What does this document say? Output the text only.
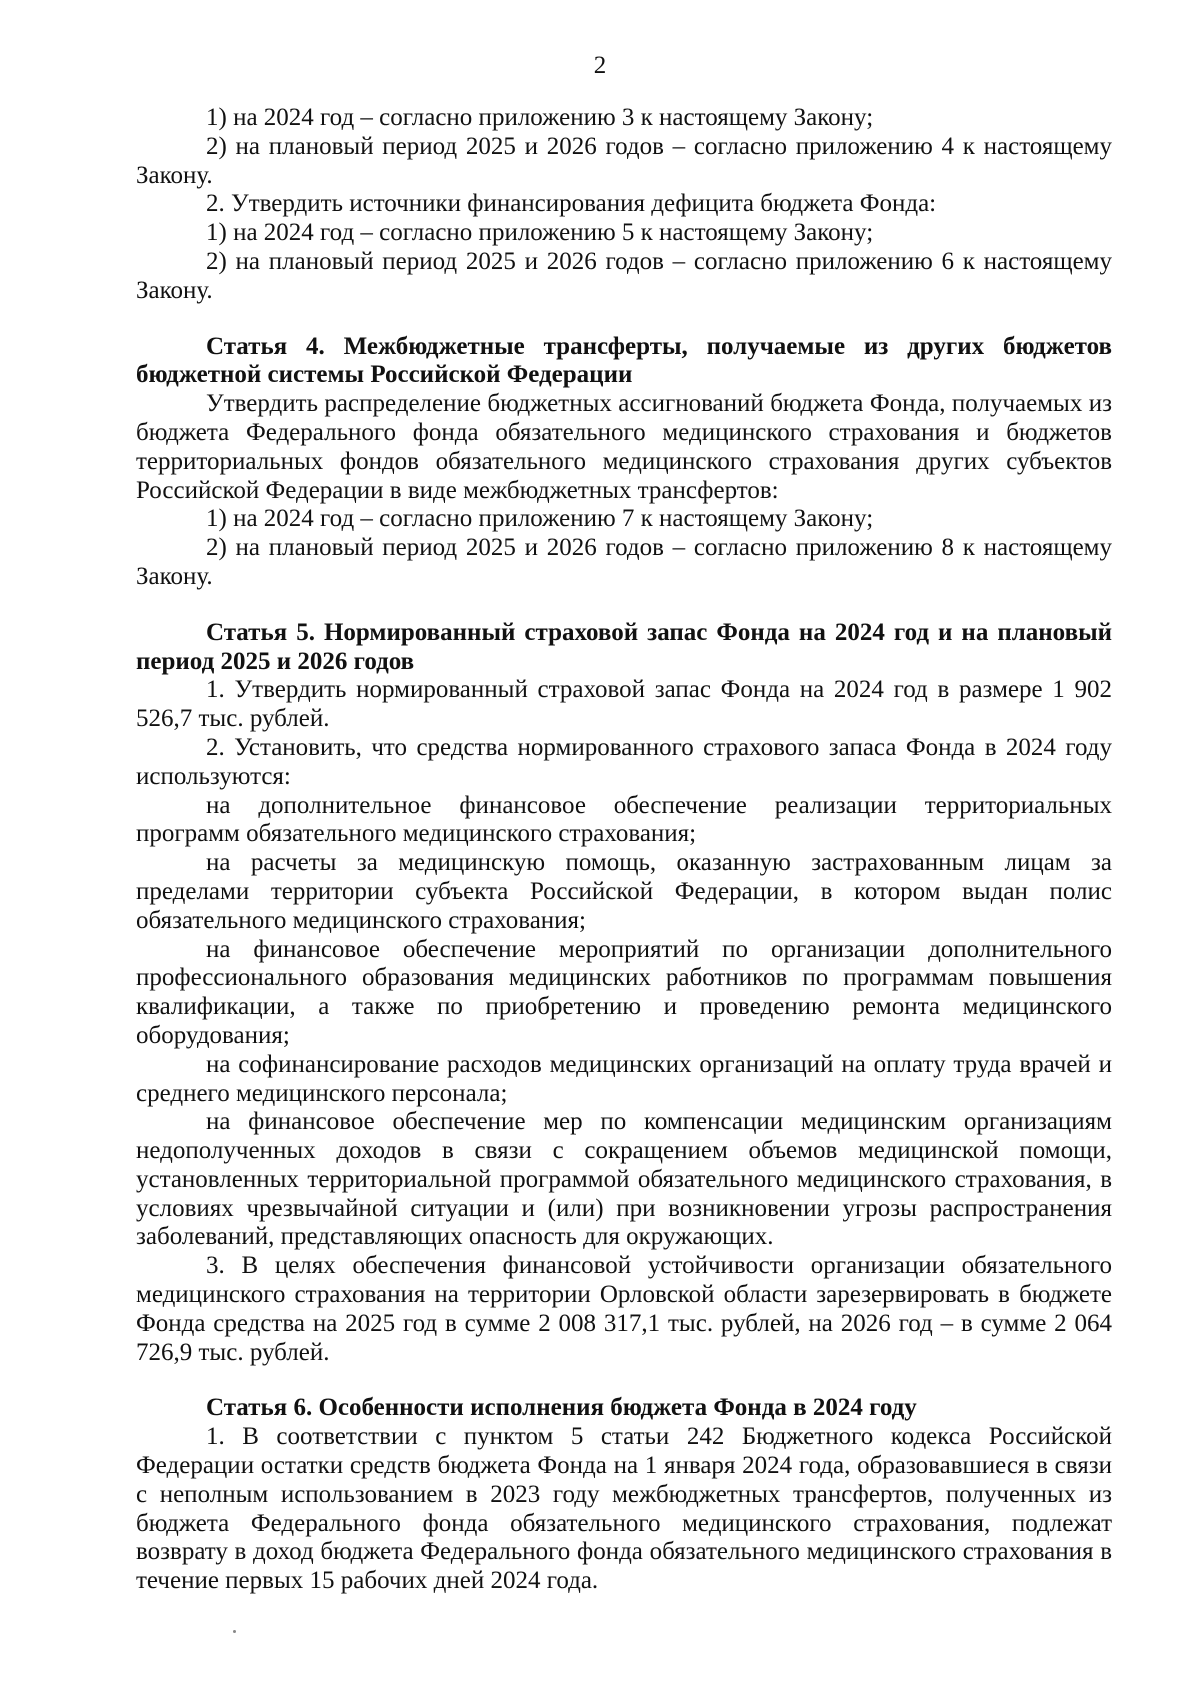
2

1) на 2024 год – согласно приложению 3 к настоящему Закону;

2) на плановый период 2025 и 2026 годов – согласно приложению 4 к настоящему Закону.

2. Утвердить источники финансирования дефицита бюджета Фонда:

1) на 2024 год – согласно приложению 5 к настоящему Закону;

2) на плановый период 2025 и 2026 годов – согласно приложению 6 к настоящему Закону.

Статья 4. Межбюджетные трансферты, получаемые из других бюджетов бюджетной системы Российской Федерации

Утвердить распределение бюджетных ассигнований бюджета Фонда, получаемых из бюджета Федерального фонда обязательного медицинского страхования и бюджетов территориальных фондов обязательного медицинского страхования других субъектов Российской Федерации в виде межбюджетных трансфертов:

1) на 2024 год – согласно приложению 7 к настоящему Закону;

2) на плановый период 2025 и 2026 годов – согласно приложению 8 к настоящему Закону.

Статья 5. Нормированный страховой запас Фонда на 2024 год и на плановый период 2025 и 2026 годов

1. Утвердить нормированный страховой запас Фонда на 2024 год в размере 1 902 526,7 тыс. рублей.

2. Установить, что средства нормированного страхового запаса Фонда в 2024 году используются:

на дополнительное финансовое обеспечение реализации территориальных программ обязательного медицинского страхования;

на расчеты за медицинскую помощь, оказанную застрахованным лицам за пределами территории субъекта Российской Федерации, в котором выдан полис обязательного медицинского страхования;

на финансовое обеспечение мероприятий по организации дополнительного профессионального образования медицинских работников по программам повышения квалификации, а также по приобретению и проведению ремонта медицинского оборудования;

на софинансирование расходов медицинских организаций на оплату труда врачей и среднего медицинского персонала;

на финансовое обеспечение мер по компенсации медицинским организациям недополученных доходов в связи с сокращением объемов медицинской помощи, установленных территориальной программой обязательного медицинского страхования, в условиях чрезвычайной ситуации и (или) при возникновении угрозы распространения заболеваний, представляющих опасность для окружающих.

3. В целях обеспечения финансовой устойчивости организации обязательного медицинского страхования на территории Орловской области зарезервировать в бюджете Фонда средства на 2025 год в сумме 2 008 317,1 тыс. рублей, на 2026 год – в сумме 2 064 726,9 тыс. рублей.

Статья 6. Особенности исполнения бюджета Фонда в 2024 году

1. В соответствии с пунктом 5 статьи 242 Бюджетного кодекса Российской Федерации остатки средств бюджета Фонда на 1 января 2024 года, образовавшиеся в связи с неполным использованием в 2023 году межбюджетных трансфертов, полученных из бюджета Федерального фонда обязательного медицинского страхования, подлежат возврату в доход бюджета Федерального фонда обязательного медицинского страхования в течение первых 15 рабочих дней 2024 года.
